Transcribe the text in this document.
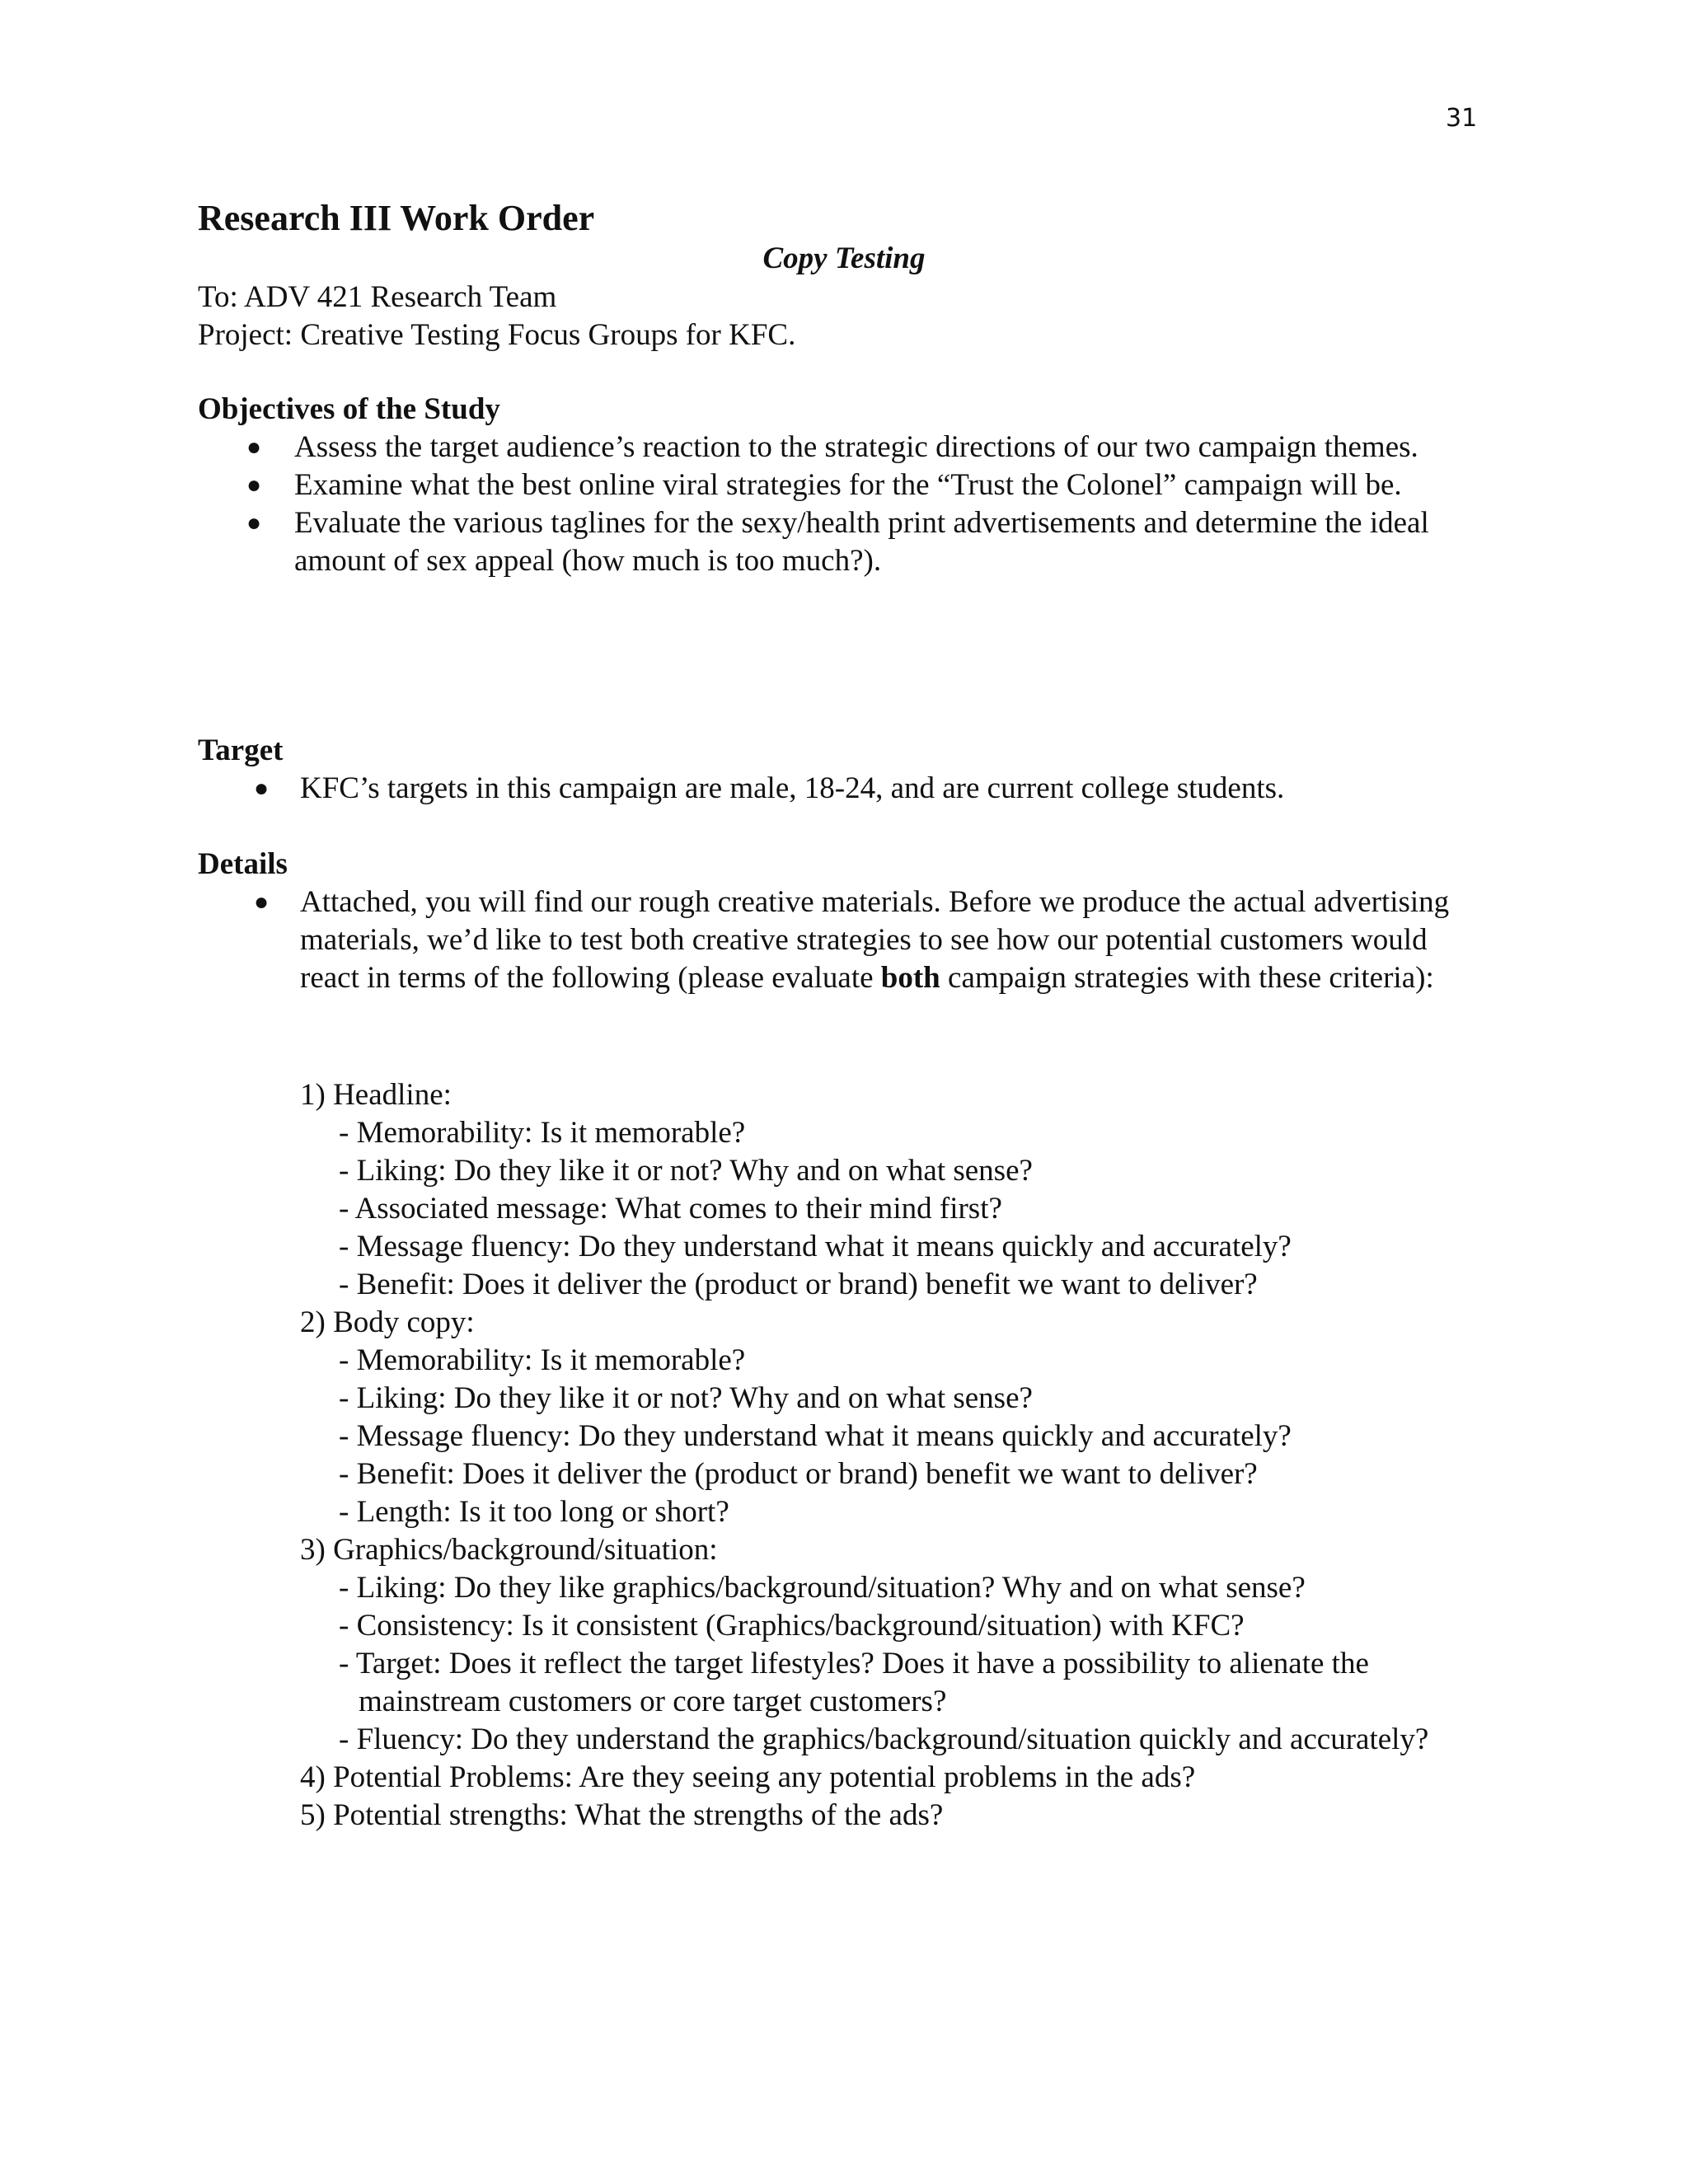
31
Research III Work Order
Copy Testing
To: ADV 421 Research Team
Project: Creative Testing Focus Groups for KFC.
Objectives of the Study
● Assess the target audience’s reaction to the strategic directions of our two campaign themes.
● Examine what the best online viral strategies for the “Trust the Colonel” campaign will be.
● Evaluate the various taglines for the sexy/health print advertisements and determine the ideal amount of sex appeal (how much is too much?).
Target
● KFC’s targets in this campaign are male, 18-24, and are current college students.
Details
● Attached, you will find our rough creative materials. Before we produce the actual advertising materials, we’d like to test both creative strategies to see how our potential customers would react in terms of the following (please evaluate both campaign strategies with these criteria):
1) Headline:
- Memorability: Is it memorable?
- Liking: Do they like it or not? Why and on what sense?
- Associated message: What comes to their mind first?
- Message fluency: Do they understand what it means quickly and accurately?
- Benefit: Does it deliver the (product or brand) benefit we want to deliver?
2) Body copy:
- Memorability: Is it memorable?
- Liking: Do they like it or not? Why and on what sense?
- Message fluency: Do they understand what it means quickly and accurately?
- Benefit: Does it deliver the (product or brand) benefit we want to deliver?
- Length: Is it too long or short?
3) Graphics/background/situation:
- Liking: Do they like graphics/background/situation? Why and on what sense?
- Consistency: Is it consistent (Graphics/background/situation) with KFC?
- Target: Does it reflect the target lifestyles? Does it have a possibility to alienate the mainstream customers or core target customers?
- Fluency: Do they understand the graphics/background/situation quickly and accurately?
4) Potential Problems: Are they seeing any potential problems in the ads?
5) Potential strengths: What the strengths of the ads?
